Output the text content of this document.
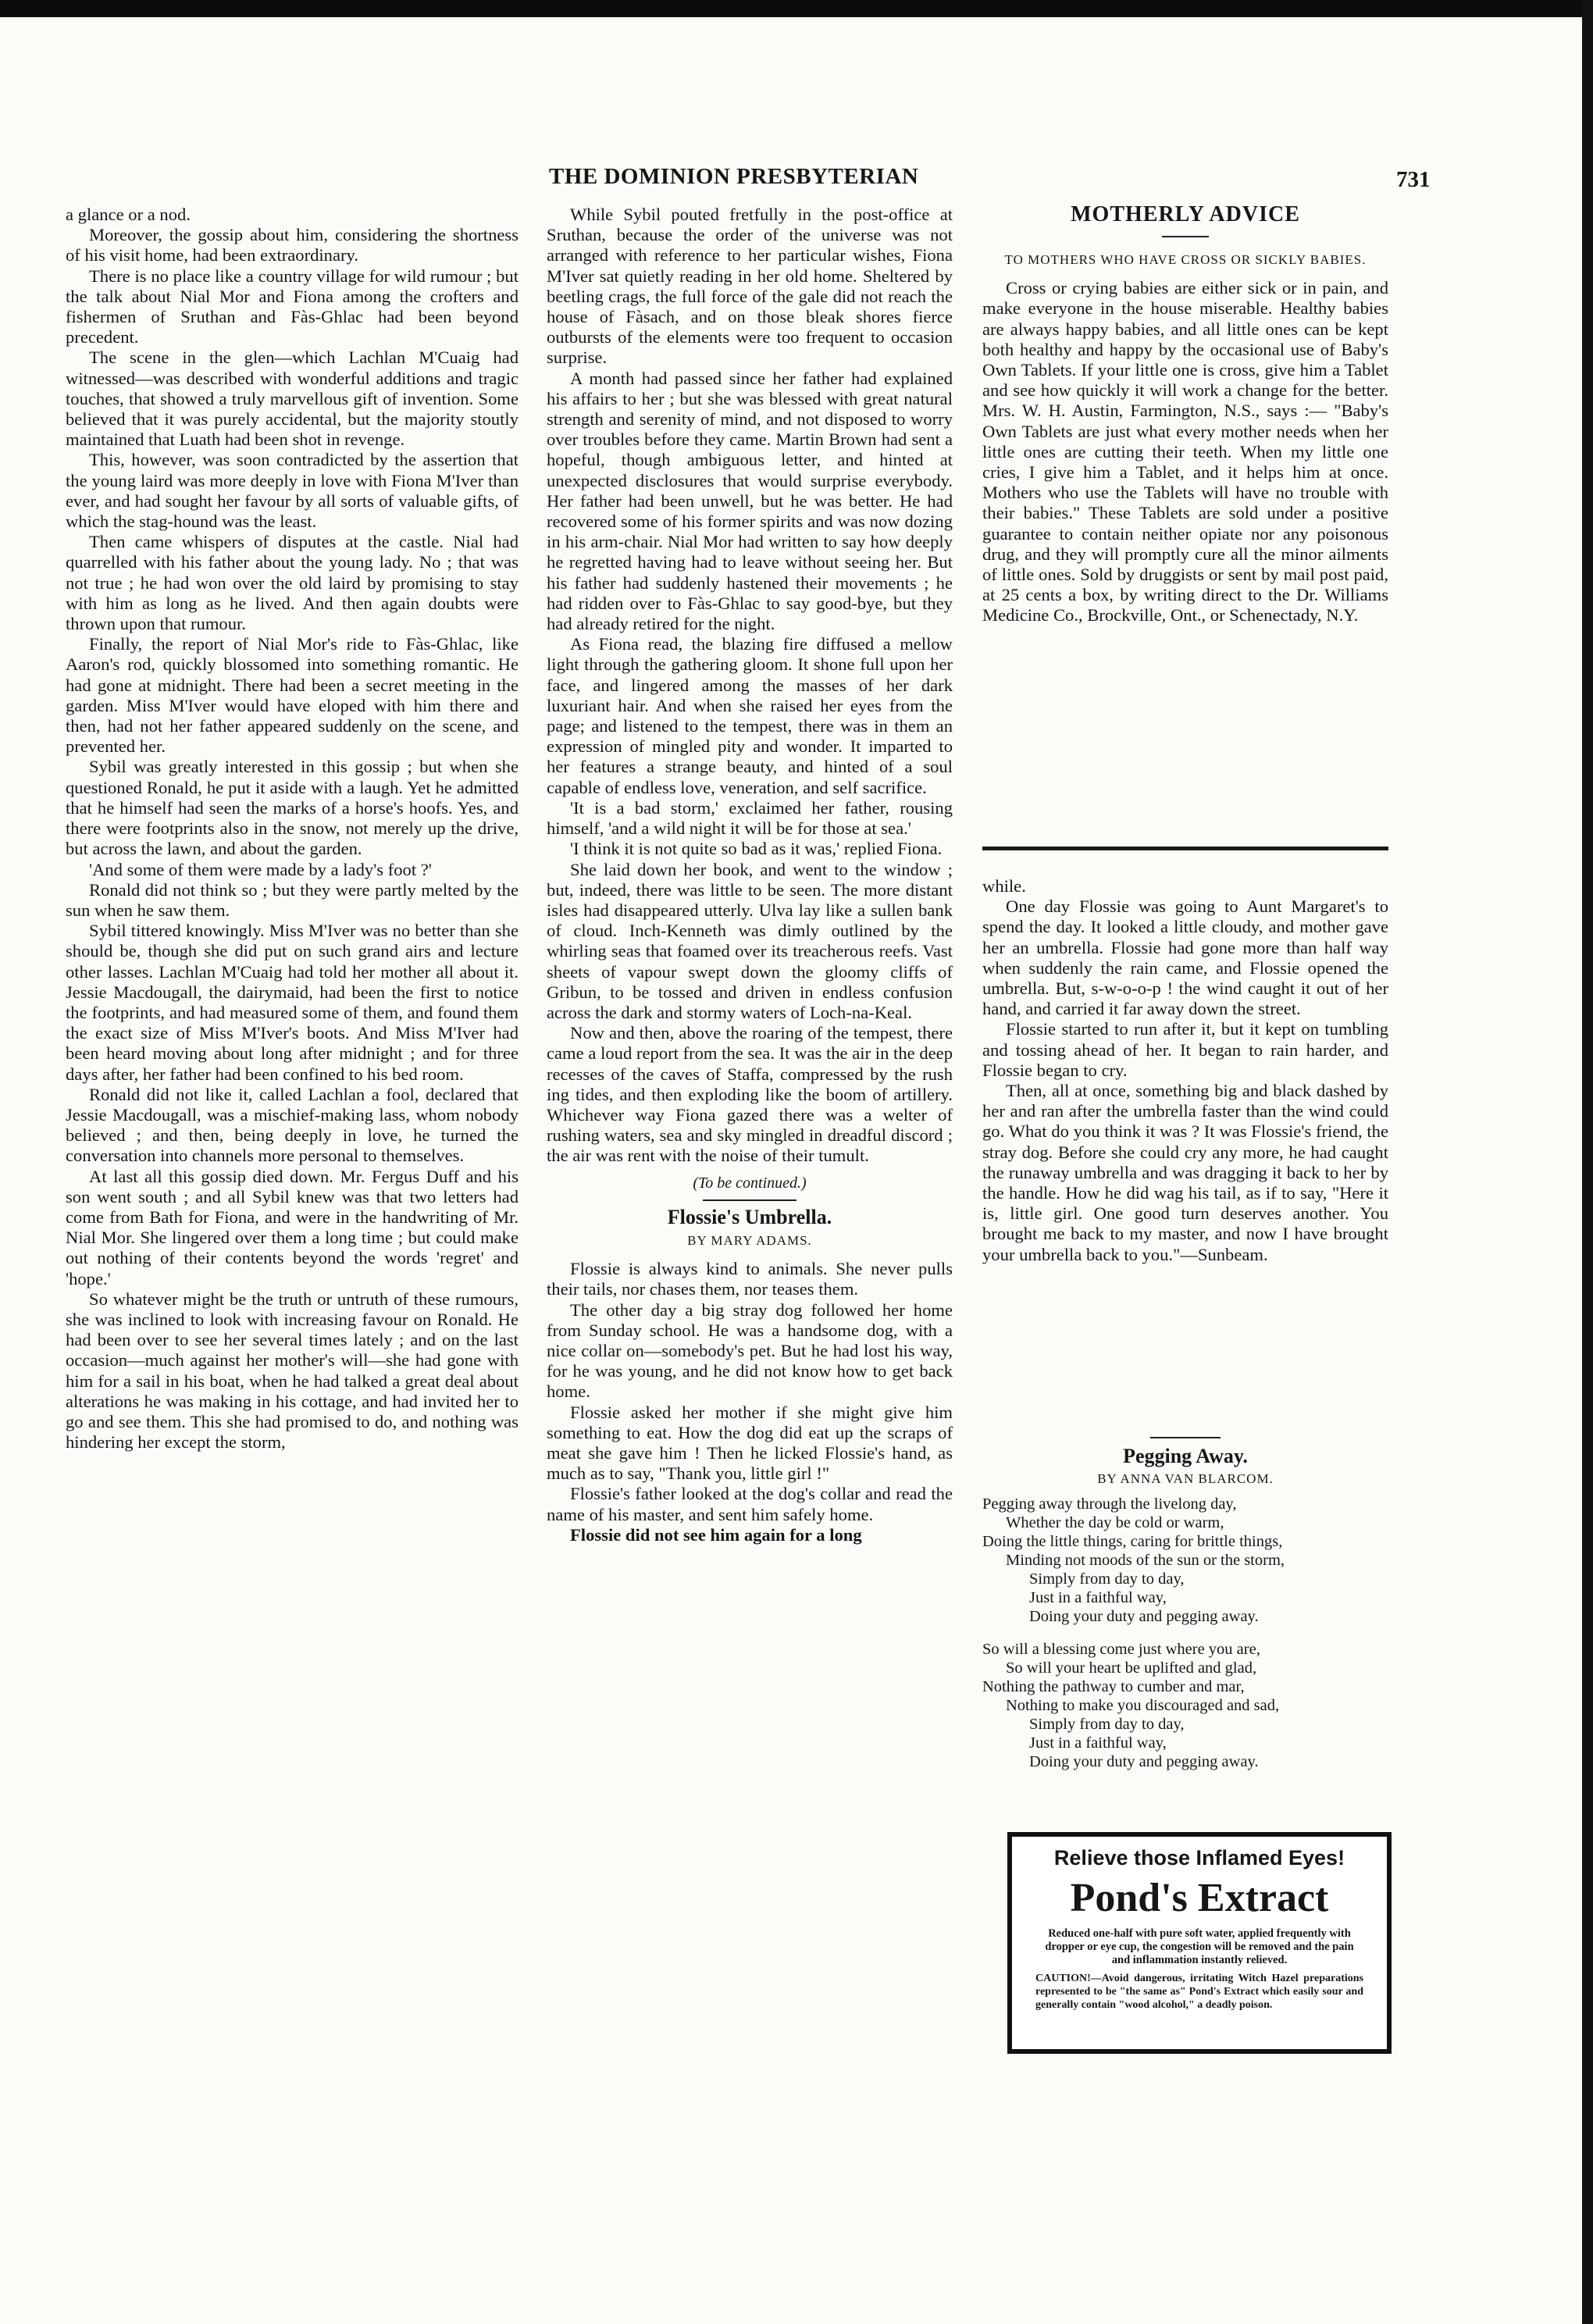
THE DOMINION PRESBYTERIAN	731

a glance or a nod.

Moreover, the gossip about him, considering the shortness of his visit home, had been extraordinary.

There is no place like a country village for wild rumour ; but the talk about Nial Mor and Fiona among the crofters and fishermen of Sruthan and Fàs-Ghlac had been beyond precedent.

The scene in the glen—which Lachlan M'Cuaig had witnessed—was described with wonderful additions and tragic touches, that showed a truly marvellous gift of invention. Some believed that it was purely accidental, but the majority stoutly maintained that Luath had been shot in revenge.

This, however, was soon contradicted by the assertion that the young laird was more deeply in love with Fiona M'Iver than ever, and had sought her favour by all sorts of valuable gifts, of which the stag-hound was the least.

Then came whispers of disputes at the castle. Nial had quarrelled with his father about the young lady. No ; that was not true ; he had won over the old laird by promising to stay with him as long as he lived. And then again doubts were thrown upon that rumour.

Finally, the report of Nial Mor's ride to Fàs-Ghlac, like Aaron's rod, quickly blossomed into something romantic. He had gone at midnight. There had been a secret meeting in the garden. Miss M'Iver would have eloped with him there and then, had not her father appeared suddenly on the scene, and prevented her.

Sybil was greatly interested in this gossip ; but when she questioned Ronald, he put it aside with a laugh. Yet he admitted that he himself had seen the marks of a horse's hoofs. Yes, and there were footprints also in the snow, not merely up the drive, but across the lawn, and about the garden.

'And some of them were made by a lady's foot ?'

Ronald did not think so ; but they were partly melted by the sun when he saw them.

Sybil tittered knowingly. Miss M'Iver was no better than she should be, though she did put on such grand airs and lecture other lasses. Lachlan M'Cuaig had told her mother all about it. Jessie Macdougall, the dairymaid, had been the first to notice the footprints, and had measured some of them, and found them the exact size of Miss M'Iver's boots. And Miss M'Iver had been heard moving about long after midnight ; and for three days after, her father had been confined to his bed room.

Ronald did not like it, called Lachlan a fool, declared that Jessie Macdougall, was a mischief-making lass, whom nobody believed ; and then, being deeply in love, he turned the conversation into channels more personal to themselves.

At last all this gossip died down. Mr. Fergus Duff and his son went south ; and all Sybil knew was that two letters had come from Bath for Fiona, and were in the handwriting of Mr. Nial Mor. She lingered over them a long time ; but could make out nothing of their contents beyond the words 'regret' and 'hope.'

So whatever might be the truth or untruth of these rumours, she was inclined to look with increasing favour on Ronald. He had been over to see her several times lately ; and on the last occasion—much against her mother's will—she had gone with him for a sail in his boat, when he had talked a great deal about alterations he was making in his cottage, and had invited her to go and see them. This she had promised to do, and nothing was hindering her except the storm,

While Sybil pouted fretfully in the post-office at Sruthan, because the order of the universe was not arranged with reference to her particular wishes, Fiona M'Iver sat quietly reading in her old home. Sheltered by beetling crags, the full force of the gale did not reach the house of Fàsach, and on those bleak shores fierce outbursts of the elements were too frequent to occasion surprise.

A month had passed since her father had explained his affairs to her ; but she was blessed with great natural strength and serenity of mind, and not disposed to worry over troubles before they came. Martin Brown had sent a hopeful, though ambiguous letter, and hinted at unexpected disclosures that would surprise everybody. Her father had been unwell, but he was better. He had recovered some of his former spirits and was now dozing in his arm-chair. Nial Mor had written to say how deeply he regretted having had to leave without seeing her. But his father had suddenly hastened their movements ; he had ridden over to Fàs-Ghlac to say good-bye, but they had already retired for the night.

As Fiona read, the blazing fire diffused a mellow light through the gathering gloom. It shone full upon her face, and lingered among the masses of her dark luxuriant hair. And when she raised her eyes from the page; and listened to the tempest, there was in them an expression of mingled pity and wonder. It imparted to her features a strange beauty, and hinted of a soul capable of endless love, veneration, and self sacrifice.

'It is a bad storm,' exclaimed her father, rousing himself, 'and a wild night it will be for those at sea.'

'I think it is not quite so bad as it was,' replied Fiona.

She laid down her book, and went to the window ; but, indeed, there was little to be seen. The more distant isles had disappeared utterly. Ulva lay like a sullen bank of cloud. Inch-Kenneth was dimly outlined by the whirling seas that foamed over its treacherous reefs. Vast sheets of vapour swept down the gloomy cliffs of Gribun, to be tossed and driven in endless confusion across the dark and stormy waters of Loch-na-Keal.

Now and then, above the roaring of the tempest, there came a loud report from the sea. It was the air in the deep recesses of the caves of Staffa, compressed by the rush ing tides, and then exploding like the boom of artillery. Whichever way Fiona gazed there was a welter of rushing waters, sea and sky mingled in dreadful discord ; the air was rent with the noise of their tumult.

(To be continued.)
Flossie's Umbrella.
BY MARY ADAMS.

Flossie is always kind to animals. She never pulls their tails, nor chases them, nor teases them.

The other day a big stray dog followed her home from Sunday school. He was a handsome dog, with a nice collar on—somebody's pet. But he had lost his way, for he was young, and he did not know how to get back home.

Flossie asked her mother if she might give him something to eat. How the dog did eat up the scraps of meat she gave him ! Then he licked Flossie's hand, as much as to say, "Thank you, little girl !"

Flossie's father looked at the dog's collar and read the name of his master, and sent him safely home.

Flossie did not see him again for a long

MOTHERLY ADVICE
TO MOTHERS WHO HAVE CROSS OR SICKLY BABIES.

Cross or crying babies are either sick or in pain, and make everyone in the house miserable. Healthy babies are always happy babies, and all little ones can be kept both healthy and happy by the occasional use of Baby's Own Tablets. If your little one is cross, give him a Tablet and see how quickly it will work a change for the better. Mrs. W. H. Austin, Farmington, N.S., says :— "Baby's Own Tablets are just what every mother needs when her little ones are cutting their teeth. When my little one cries, I give him a Tablet, and it helps him at once. Mothers who use the Tablets will have no trouble with their babies." These Tablets are sold under a positive guarantee to contain neither opiate nor any poisonous drug, and they will promptly cure all the minor ailments of little ones. Sold by druggists or sent by mail post paid, at 25 cents a box, by writing direct to the Dr. Williams Medicine Co., Brockville, Ont., or Schenectady, N.Y.

while.

One day Flossie was going to Aunt Margaret's to spend the day. It looked a little cloudy, and mother gave her an umbrella. Flossie had gone more than half way when suddenly the rain came, and Flossie opened the umbrella. But, s-w-o-o-p ! the wind caught it out of her hand, and carried it far away down the street.

Flossie started to run after it, but it kept on tumbling and tossing ahead of her. It began to rain harder, and Flossie began to cry.

Then, all at once, something big and black dashed by her and ran after the umbrella faster than the wind could go. What do you think it was ? It was Flossie's friend, the stray dog. Before she could cry any more, he had caught the runaway umbrella and was dragging it back to her by the handle. How he did wag his tail, as if to say, "Here it is, little girl. One good turn deserves another. You brought me back to my master, and now I have brought your umbrella back to you."—Sunbeam.

Pegging Away.
BY ANNA VAN BLARCOM.
Pegging away through the livelong day,
Whether the day be cold or warm,
Doing the little things, caring for brittle things,
Minding not moods of the sun or the storm,
Simply from day to day,
Just in a faithful way,
Doing your duty and pegging away.
So will a blessing come just where you are,
So will your heart be uplifted and glad,
Nothing the pathway to cumber and mar,
Nothing to make you discouraged and sad,
Simply from day to day,
Just in a faithful way,
Doing your duty and pegging away.
Relieve those Inflamed Eyes!
Pond's Extract
Reduced one-half with pure soft water, applied frequently with dropper or eye cup, the congestion will be removed and the pain and inflammation instantly relieved.
CAUTION!—Avoid dangerous, irritating Witch Hazel preparations represented to be "the same as" Pond's Extract which easily sour and generally contain "wood alcohol," a deadly poison.
